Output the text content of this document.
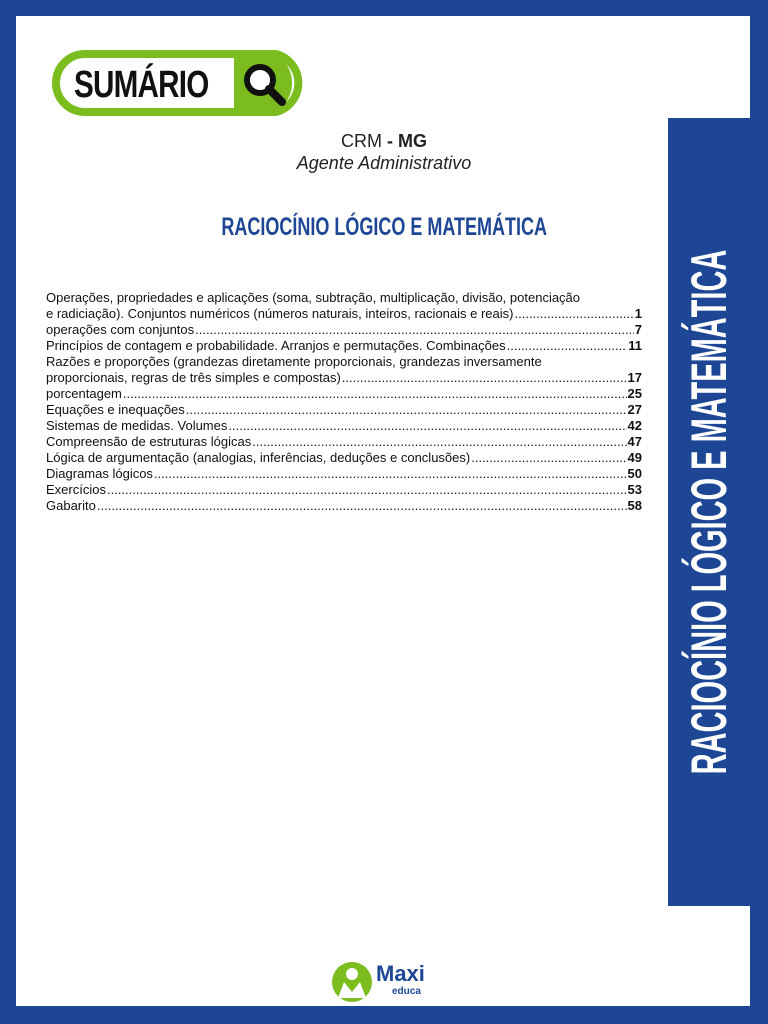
SUMÁRIO
CRM - MG
Agente Administrativo
RACIOCÍNIO LÓGICO E MATEMÁTICA
RACIOCÍNIO LÓGICO E MATEMÁTICA
Operações, propriedades e aplicações (soma, subtração, multiplicação, divisão, potenciação
e radiciação). Conjuntos numéricos (números naturais, inteiros, racionais e reais) .....	1
operações com conjuntos .....	7
Princípios de contagem e probabilidade. Arranjos e permutações. Combinações .....	11
Razões e proporções (grandezas diretamente proporcionais, grandezas inversamente
proporcionais, regras de três simples e compostas) .....	17
porcentagem .....	25
Equações e inequações .....	27
Sistemas de medidas. Volumes .....	42
Compreensão de estruturas lógicas .....	47
Lógica de argumentação (analogias, inferências, deduções e conclusões) .....	49
Diagramas lógicos .....	50
Exercícios .....	53
Gabarito .....	58
Maxi
educa
